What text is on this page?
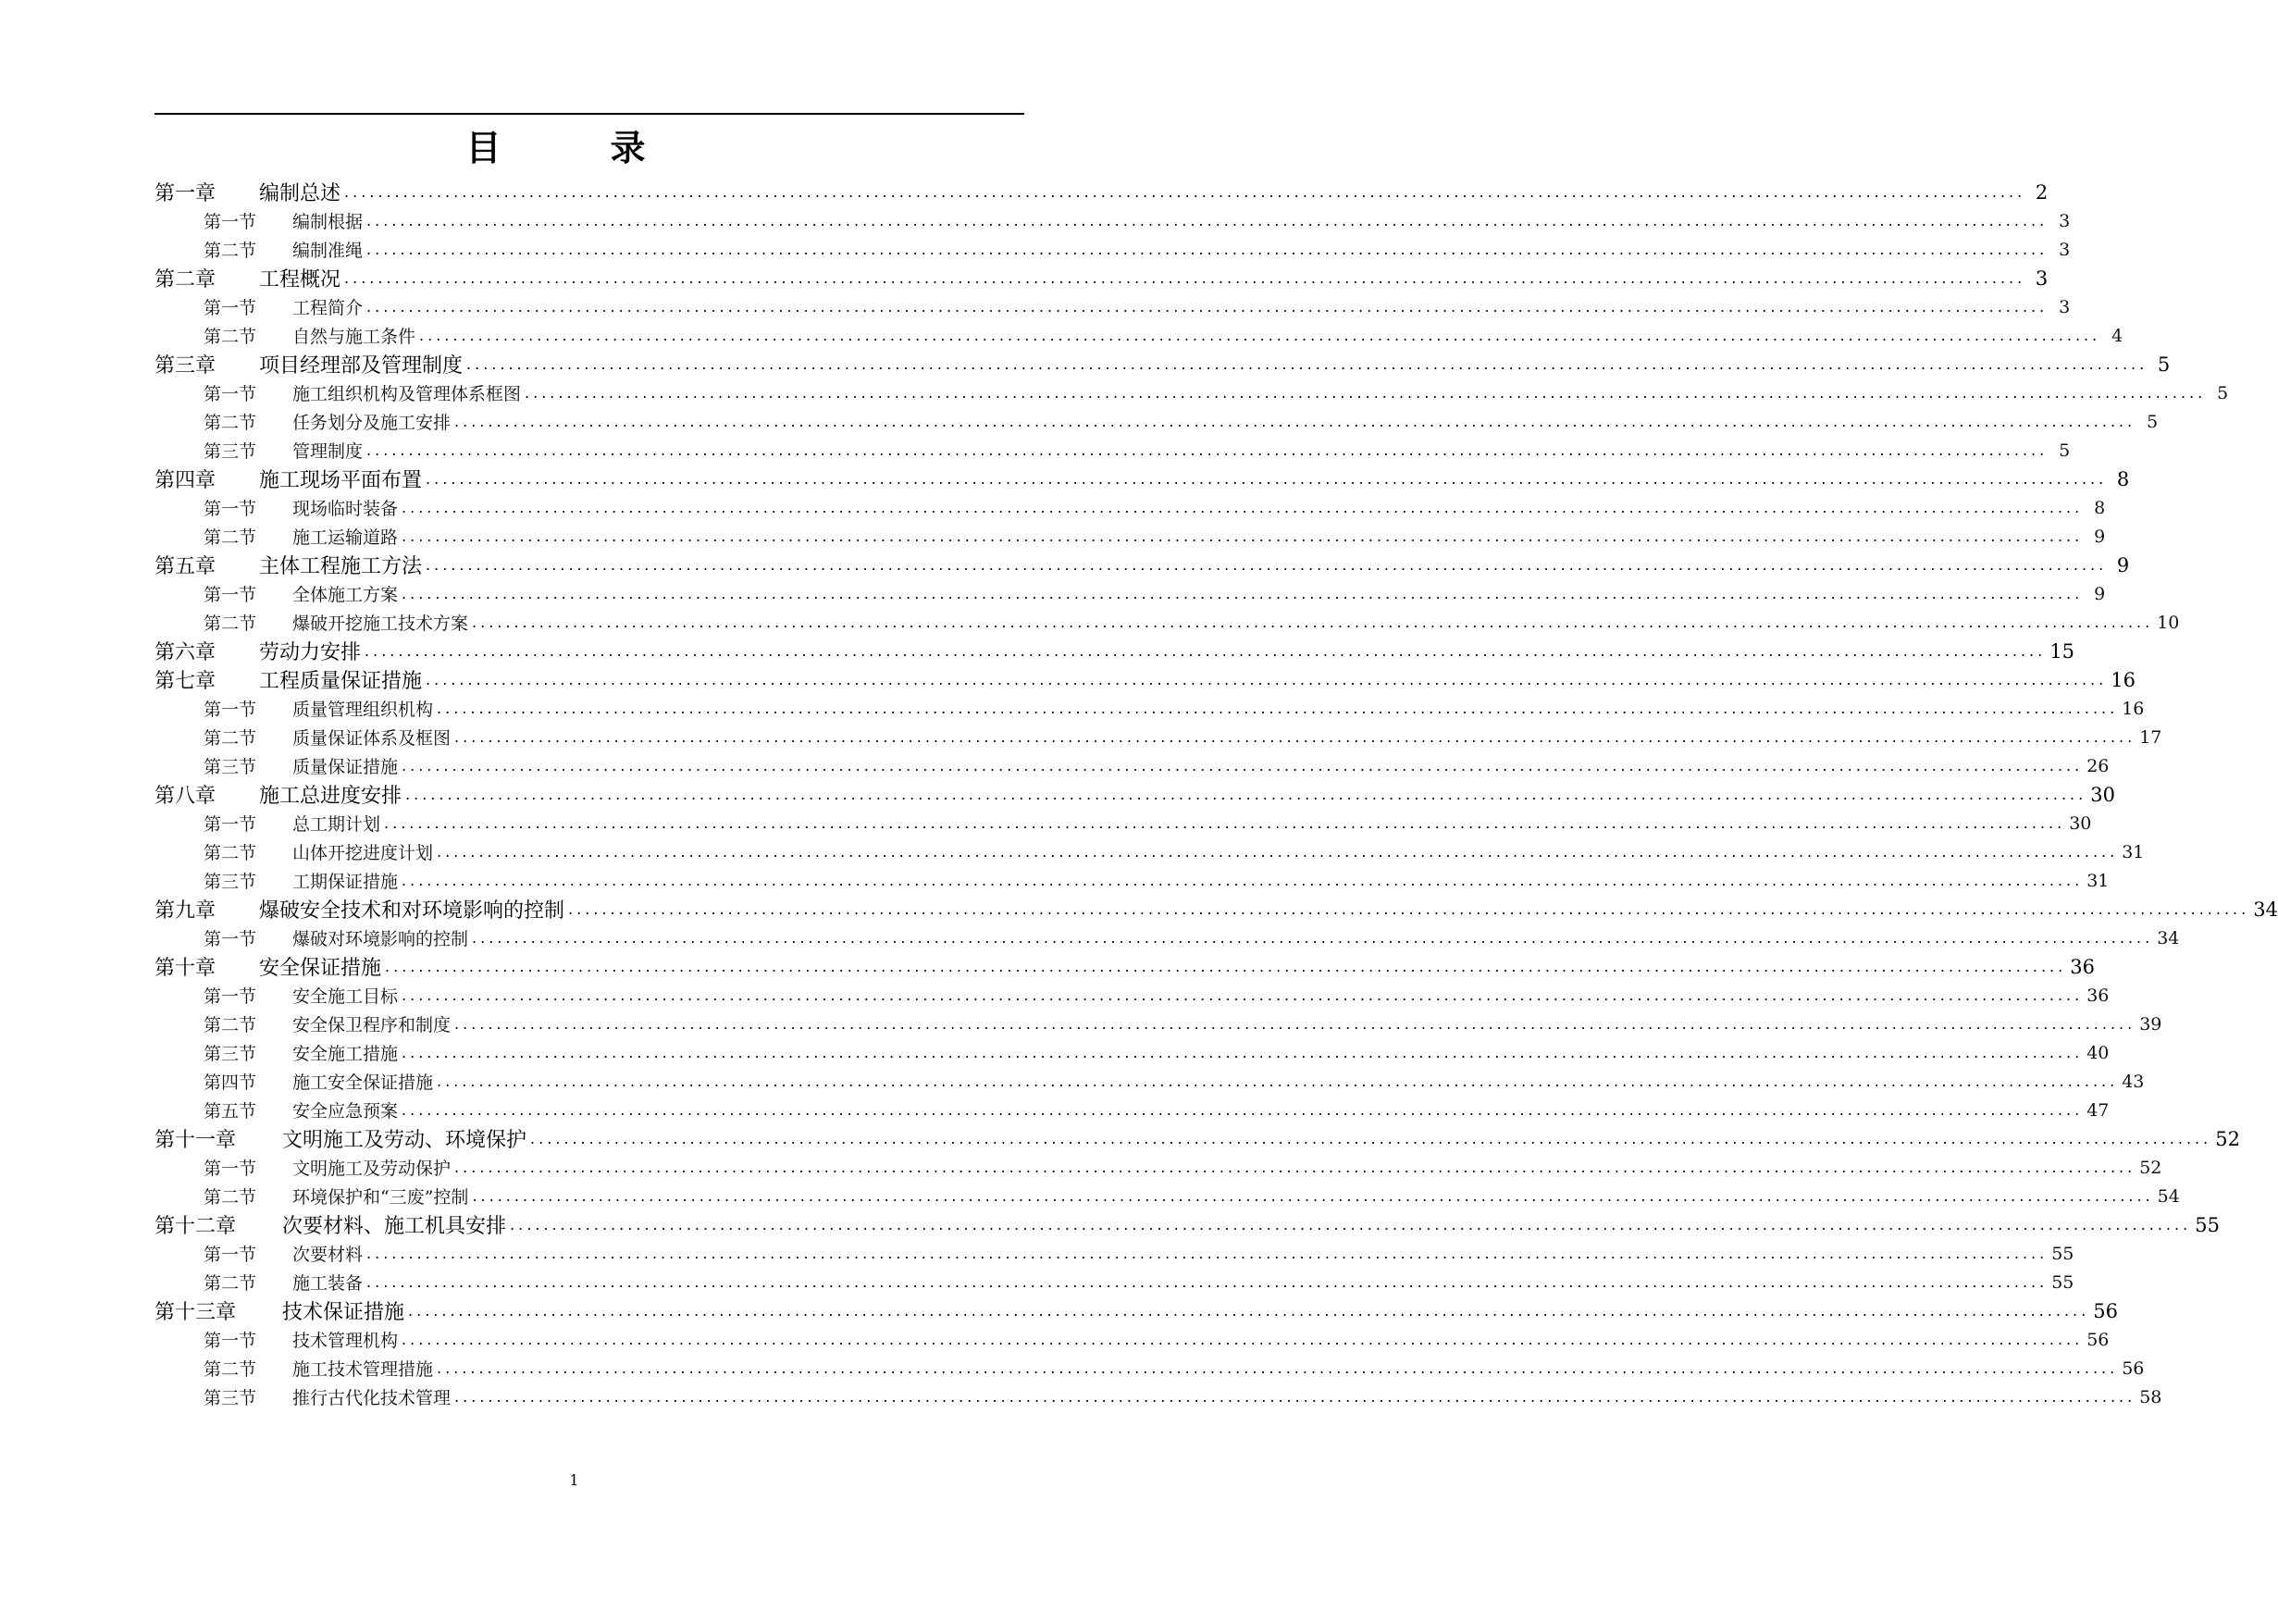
目　录
第一章	编制总述 ........................................................................................................................................................................................................ 2
第一节	编制根据 ........................................................................................................................................................................................................ 3
第二节	编制准绳 ........................................................................................................................................................................................................ 3
第二章	工程概况 ........................................................................................................................................................................................................ 3
第一节	工程简介 ........................................................................................................................................................................................................ 3
第二节	自然与施工条件 ........................................................................................................................................................................................................ 4
第三章	项目经理部及管理制度 ........................................................................................................................................................................................................ 5
第一节	施工组织机构及管理体系框图 ........................................................................................................................................................................................................ 5
第二节	任务划分及施工安排 ........................................................................................................................................................................................................ 5
第三节	管理制度 ........................................................................................................................................................................................................ 5
第四章	施工现场平面布置 ........................................................................................................................................................................................................ 8
第一节	现场临时装备 ........................................................................................................................................................................................................ 8
第二节	施工运输道路 ........................................................................................................................................................................................................ 9
第五章	主体工程施工方法 ........................................................................................................................................................................................................ 9
第一节	全体施工方案 ........................................................................................................................................................................................................ 9
第二节	爆破开挖施工技术方案 ........................................................................................................................................................................................................ 10
第六章	劳动力安排 ........................................................................................................................................................................................................ 15
第七章	工程质量保证措施 ........................................................................................................................................................................................................ 16
第一节	质量管理组织机构 ........................................................................................................................................................................................................ 16
第二节	质量保证体系及框图 ........................................................................................................................................................................................................ 17
第三节	质量保证措施 ........................................................................................................................................................................................................ 26
第八章	施工总进度安排 ........................................................................................................................................................................................................ 30
第一节	总工期计划 ........................................................................................................................................................................................................ 30
第二节	山体开挖进度计划 ........................................................................................................................................................................................................ 31
第三节	工期保证措施 ........................................................................................................................................................................................................ 31
第九章	爆破安全技术和对环境影响的控制 ........................................................................................................................................................................................................ 34
第一节	爆破对环境影响的控制 ........................................................................................................................................................................................................ 34
第十章	安全保证措施 ........................................................................................................................................................................................................ 36
第一节	安全施工目标 ........................................................................................................................................................................................................ 36
第二节	安全保卫程序和制度 ........................................................................................................................................................................................................ 39
第三节	安全施工措施 ........................................................................................................................................................................................................ 40
第四节	施工安全保证措施 ........................................................................................................................................................................................................ 43
第五节	安全应急预案 ........................................................................................................................................................................................................ 47
第十一章	文明施工及劳动、环境保护 ........................................................................................................................................................................................................ 52
第一节	文明施工及劳动保护 ........................................................................................................................................................................................................ 52
第二节	环境保护和“三废”控制 ........................................................................................................................................................................................................ 54
第十二章	次要材料、施工机具安排 ........................................................................................................................................................................................................ 55
第一节	次要材料 ........................................................................................................................................................................................................ 55
第二节	施工装备 ........................................................................................................................................................................................................ 55
第十三章	技术保证措施 ........................................................................................................................................................................................................ 56
第一节	技术管理机构 ........................................................................................................................................................................................................ 56
第二节	施工技术管理措施 ........................................................................................................................................................................................................ 56
第三节	推行古代化技术管理 ........................................................................................................................................................................................................ 58
1
